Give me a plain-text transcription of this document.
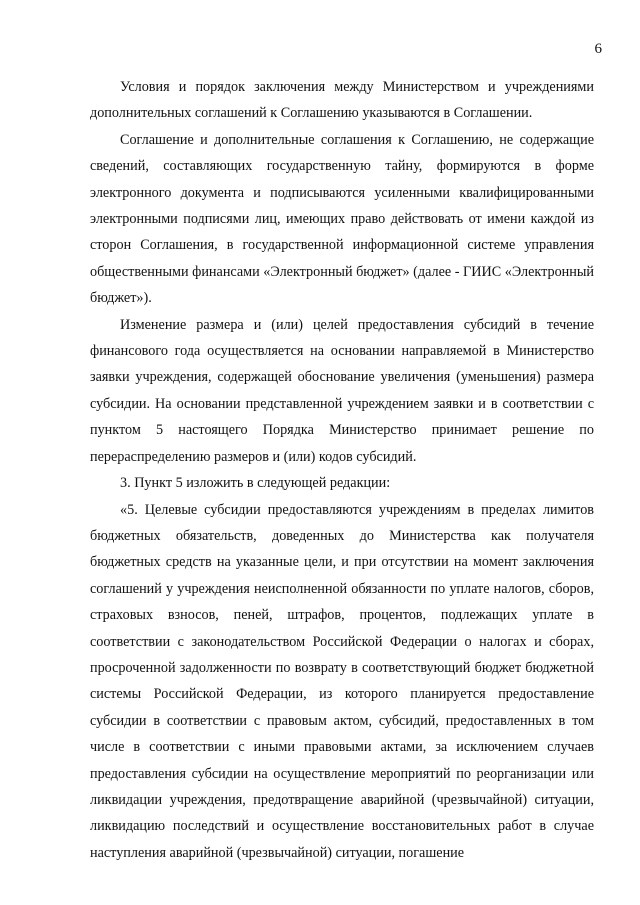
6

Условия и порядок заключения между Министерством и учреждениями дополнительных соглашений к Соглашению указываются в Соглашении.

Соглашение и дополнительные соглашения к Соглашению, не содержащие сведений, составляющих государственную тайну, формируются в форме электронного документа и подписываются усиленными квалифицированными электронными подписями лиц, имеющих право действовать от имени каждой из сторон Соглашения, в государственной информационной системе управления общественными финансами «Электронный бюджет» (далее - ГИИС «Электронный бюджет»).

Изменение размера и (или) целей предоставления субсидий в течение финансового года осуществляется на основании направляемой в Министерство заявки учреждения, содержащей обоснование увеличения (уменьшения) размера субсидии. На основании представленной учреждением заявки и в соответствии с пунктом 5 настоящего Порядка Министерство принимает решение по перераспределению размеров и (или) кодов субсидий.

3. Пункт 5 изложить в следующей редакции:

«5. Целевые субсидии предоставляются учреждениям в пределах лимитов бюджетных обязательств, доведенных до Министерства как получателя бюджетных средств на указанные цели, и при отсутствии на момент заключения соглашений у учреждения неисполненной обязанности по уплате налогов, сборов, страховых взносов, пеней, штрафов, процентов, подлежащих уплате в соответствии с законодательством Российской Федерации о налогах и сборах, просроченной задолженности по возврату в соответствующий бюджет бюджетной системы Российской Федерации, из которого планируется предоставление субсидии в соответствии с правовым актом, субсидий, предоставленных в том числе в соответствии с иными правовыми актами, за исключением случаев предоставления субсидии на осуществление мероприятий по реорганизации или ликвидации учреждения, предотвращение аварийной (чрезвычайной) ситуации, ликвидацию последствий и осуществление восстановительных работ в случае наступления аварийной (чрезвычайной) ситуации, погашение
